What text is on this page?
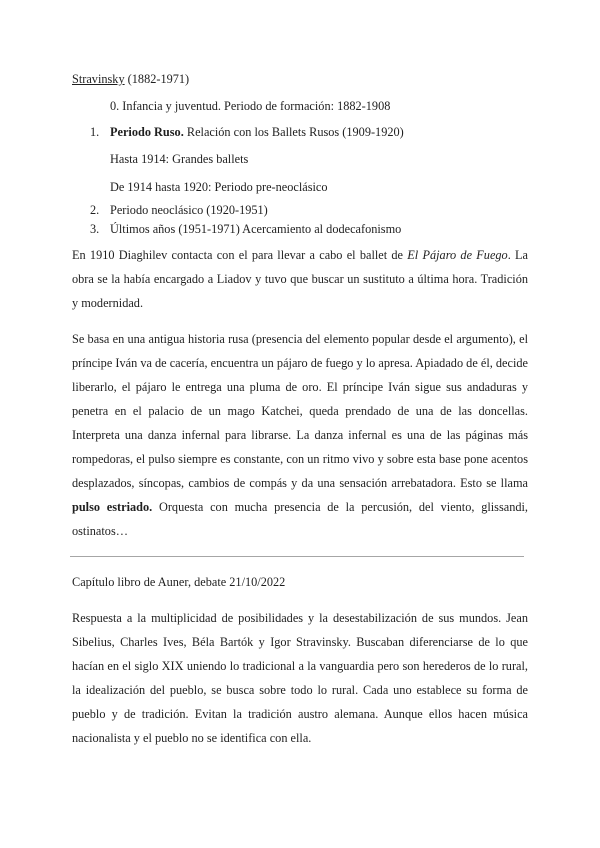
Stravinsky (1882-1971)

0. Infancia y juventud. Periodo de formación: 1882-1908
1. Periodo Ruso. Relación con los Ballets Rusos (1909-1920)
Hasta 1914: Grandes ballets
De 1914 hasta 1920: Periodo pre-neoclásico
2. Periodo neoclásico (1920-1951)
3. Últimos años (1951-1971) Acercamiento al dodecafonismo

En 1910 Diaghilev contacta con el para llevar a cabo el ballet de El Pájaro de Fuego. La obra se la había encargado a Liadov y tuvo que buscar un sustituto a última hora. Tradición y modernidad.

Se basa en una antigua historia rusa (presencia del elemento popular desde el argumento), el príncipe Iván va de cacería, encuentra un pájaro de fuego y lo apresa. Apiadado de él, decide liberarlo, el pájaro le entrega una pluma de oro. El príncipe Iván sigue sus andaduras y penetra en el palacio de un mago Katchei, queda prendado de una de las doncellas. Interpreta una danza infernal para librarse. La danza infernal es una de las páginas más rompedoras, el pulso siempre es constante, con un ritmo vivo y sobre esta base pone acentos desplazados, síncopas, cambios de compás y da una sensación arrebatadora. Esto se llama pulso estriado. Orquesta con mucha presencia de la percusión, del viento, glissandi, ostinatos…

Capítulo libro de Auner, debate 21/10/2022

Respuesta a la multiplicidad de posibilidades y la desestabilización de sus mundos. Jean Sibelius, Charles Ives, Béla Bartók y Igor Stravinsky. Buscaban diferenciarse de lo que hacían en el siglo XIX uniendo lo tradicional a la vanguardia pero son herederos de lo rural, la idealización del pueblo, se busca sobre todo lo rural. Cada uno establece su forma de pueblo y de tradición. Evitan la tradición austro alemana. Aunque ellos hacen música nacionalista y el pueblo no se identifica con ella.
